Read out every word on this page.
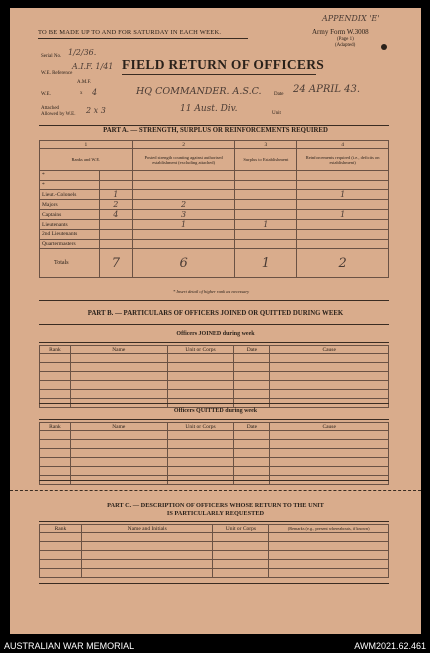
TO BE MADE UP TO AND FOR SATURDAY IN EACH WEEK.
APPENDIX 'E'
Army Form W.3008
(Page 1)
(Adapted)
Serial No. 1/2/36.
A.I.F. 1/41
W.E. Reference
A.M.F.
W.E.	x 4
Attached
Allowed by W.E. 2 x 3
FIELD RETURN OF OFFICERS
HQ COMMANDER. A.S.C. Date 24 APRIL 43.
11 Aust. Div.	Unit
PART A. — STRENGTH, SURPLUS OR REINFORCEMENTS REQUIRED
1		2	3	4
Ranks and W.E.		Posted strength counting against authorised establishment (excluding attached)	Surplus to Establishment	Reinforcements required (i.e., deficits on establishment)
*				
*				
Lieut.-Colonels	1			1
Majors	2	2		
Captains	4	3		1
Lieutenants		1	1	
2nd Lieutenants				
Quartermasters				
Totals	7	6	1	2
* Insert detail of higher rank as necessary
PART B. — PARTICULARS OF OFFICERS JOINED OR QUITTED DURING WEEK
Officers JOINED during week
Rank	Name	Unit or Corps	Date	Cause

Officers QUITTED during week
Rank	Name	Unit or Corps	Date	Cause

PART C. — DESCRIPTION OF OFFICERS WHOSE RETURN TO THE UNIT
IS PARTICULARLY REQUESTED
Rank	Name and Initials	Unit or Corps	(Remarks (e.g., present whereabouts, if known)

AUSTRALIAN WAR MEMORIAL	AWM2021.62.461
